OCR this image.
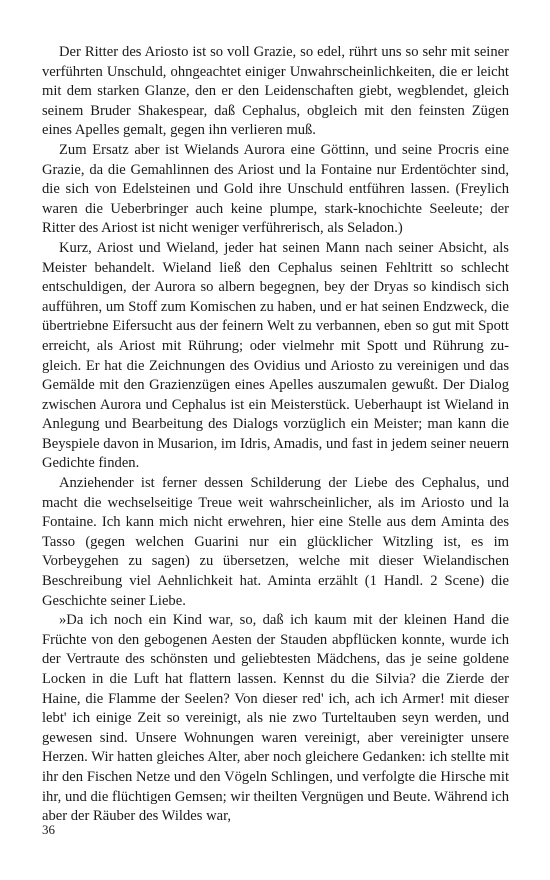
Der Ritter des Ariosto ist so voll Grazie, so edel, rührt uns so sehr mit seiner verführten Unschuld, ohngeachtet einiger Unwahrscheinlichkeiten, die er leicht mit dem starken Glanze, den er den Leidenschaften giebt, wegblendet, gleich seinem Bruder Shakespear, daß Cephalus, obgleich mit den feinsten Zügen eines Apelles gemalt, gegen ihn verlieren muß.

Zum Ersatz aber ist Wielands Aurora eine Göttinn, und seine Procris eine Grazie, da die Gemahlinnen des Ariost und la Fontaine nur Erdentöchter sind, die sich von Edelsteinen und Gold ihre Unschuld entführen lassen. (Freylich waren die Ueberbringer auch keine plumpe, stark-knochichte Seeleute; der Ritter des Ariost ist nicht weniger verführerisch, als Seladon.)

Kurz, Ariost und Wieland, jeder hat seinen Mann nach seiner Absicht, als Meister behandelt. Wieland ließ den Cephalus seinen Fehltritt so schlecht entschuldigen, der Aurora so albern begegnen, bey der Dryas so kindisch sich aufführen, um Stoff zum Komischen zu haben, und er hat seinen Endzweck, die übertriebne Eifersucht aus der feinern Welt zu verbannen, eben so gut mit Spott erreicht, als Ariost mit Rührung; oder vielmehr mit Spott und Rührung zugleich. Er hat die Zeichnungen des Ovidius und Ariosto zu vereinigen und das Gemälde mit den Grazienzügen eines Apelles auszumalen gewußt. Der Dialog zwischen Aurora und Cephalus ist ein Meisterstück. Ueberhaupt ist Wieland in Anlegung und Bearbeitung des Dialogs vorzüglich ein Meister; man kann die Beyspiele davon in Musarion, im Idris, Amadis, und fast in jedem seiner neuern Gedichte finden.

Anziehender ist ferner dessen Schilderung der Liebe des Cephalus, und macht die wechselseitige Treue weit wahrscheinlicher, als im Ariosto und la Fontaine. Ich kann mich nicht erwehren, hier eine Stelle aus dem Aminta des Tasso (gegen welchen Guarini nur ein glücklicher Witzling ist, es im Vorbeygehen zu sagen) zu übersetzen, welche mit dieser Wielandischen Beschreibung viel Aehnlichkeit hat. Aminta erzählt (1 Handl. 2 Scene) die Geschichte seiner Liebe.

»Da ich noch ein Kind war, so, daß ich kaum mit der kleinen Hand die Früchte von den gebogenen Aesten der Stauden abpflücken konnte, wurde ich der Vertraute des schönsten und geliebtesten Mädchens, das je seine goldene Locken in die Luft hat flattern lassen. Kennst du die Silvia? die Zierde der Haine, die Flamme der Seelen? Von dieser red' ich, ach ich Armer! mit dieser lebt' ich einige Zeit so vereinigt, als nie zwo Turteltauben seyn werden, und gewesen sind. Unsere Wohnungen waren vereinigt, aber vereinigter unsere Herzen. Wir hatten gleiches Alter, aber noch gleichere Gedanken: ich stellte mit ihr den Fischen Netze und den Vögeln Schlingen, und verfolgte die Hirsche mit ihr, und die flüchtigen Gemsen; wir theilten Vergnügen und Beute. Während ich aber der Räuber des Wildes war,

36
